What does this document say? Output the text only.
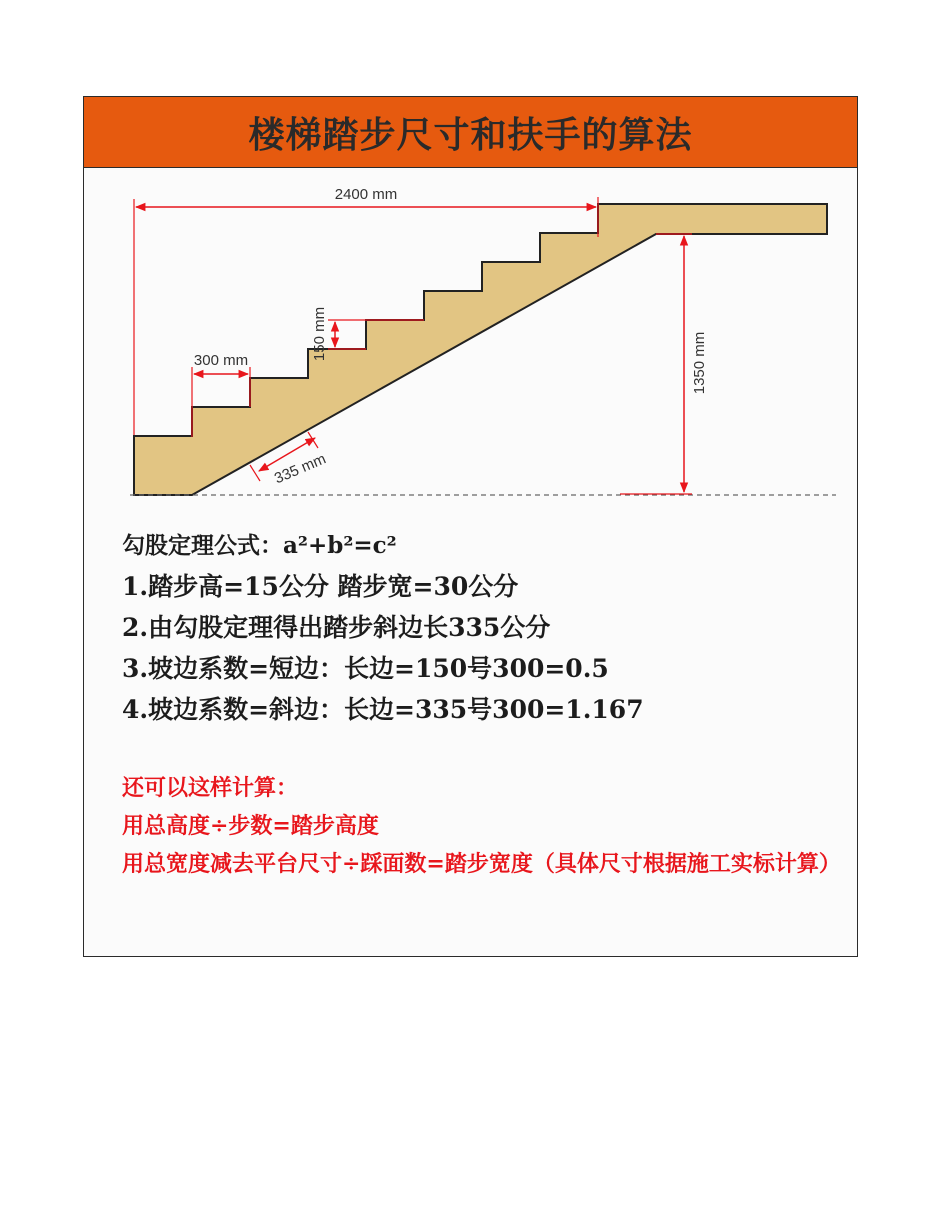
楼梯踏步尺寸和扶手的算法
2400 mm
300 mm	150 mm	1350 mm
335 mm
勾股定理公式：a²+b²=c²
1.踏步高=15公分 踏步宽=30公分
2.由勾股定理得出踏步斜边长335公分
3.坡边系数=短边：长边=150号300=0.5
4.坡边系数=斜边：长边=335号300=1.167
还可以这样计算：
用总高度÷步数=踏步高度
用总宽度减去平台尺寸÷踩面数=踏步宽度（具体尺寸根据施工实标计算）
